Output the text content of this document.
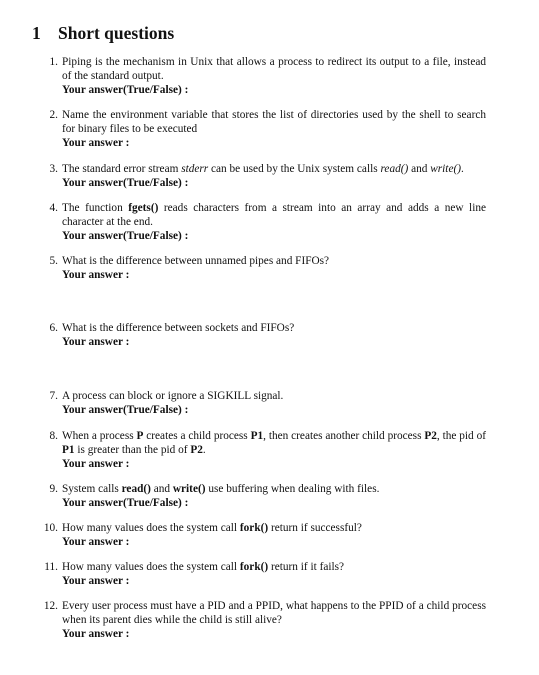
1 Short questions
1. Piping is the mechanism in Unix that allows a process to redirect its output to a file, instead of the standard output.
Your answer(True/False) :
2. Name the environment variable that stores the list of directories used by the shell to search for binary files to be executed
Your answer :
3. The standard error stream stderr can be used by the Unix system calls read() and write().
Your answer(True/False) :
4. The function fgets() reads characters from a stream into an array and adds a new line character at the end.
Your answer(True/False) :
5. What is the difference between unnamed pipes and FIFOs?
Your answer :
6. What is the difference between sockets and FIFOs?
Your answer :
7. A process can block or ignore a SIGKILL signal.
Your answer(True/False) :
8. When a process P creates a child process P1, then creates another child process P2, the pid of P1 is greater than the pid of P2.
Your answer :
9. System calls read() and write() use buffering when dealing with files.
Your answer(True/False) :
10. How many values does the system call fork() return if successful?
Your answer :
11. How many values does the system call fork() return if it fails?
Your answer :
12. Every user process must have a PID and a PPID, what happens to the PPID of a child process when its parent dies while the child is still alive?
Your answer :
